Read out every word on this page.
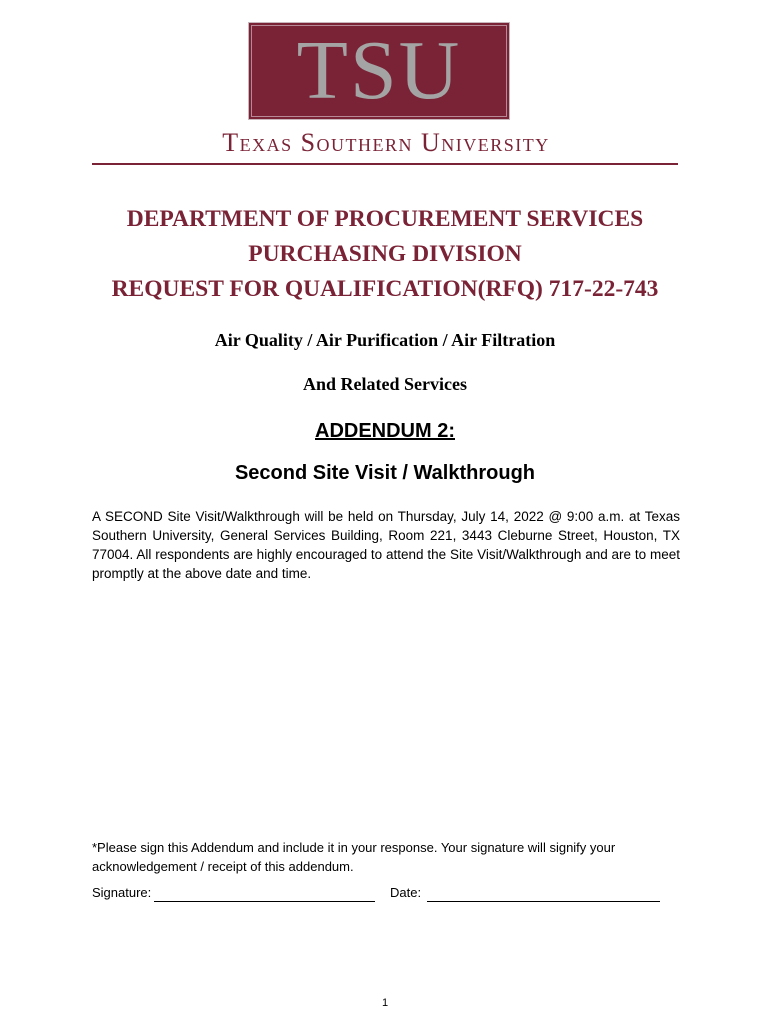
TSU
Texas Southern University
DEPARTMENT OF PROCUREMENT SERVICES
PURCHASING DIVISION
REQUEST FOR QUALIFICATION(RFQ) 717-22-743
Air Quality / Air Purification / Air Filtration
And Related Services
ADDENDUM 2:
Second Site Visit / Walkthrough
A SECOND Site Visit/Walkthrough will be held on Thursday, July 14, 2022 @ 9:00 a.m. at Texas Southern University, General Services Building, Room 221, 3443 Cleburne Street, Houston, TX 77004. All respondents are highly encouraged to attend the Site Visit/Walkthrough and are to meet promptly at the above date and time.
*Please sign this Addendum and include it in your response. Your signature will signify your acknowledgement / receipt of this addendum.
Signature:	Date:
1
